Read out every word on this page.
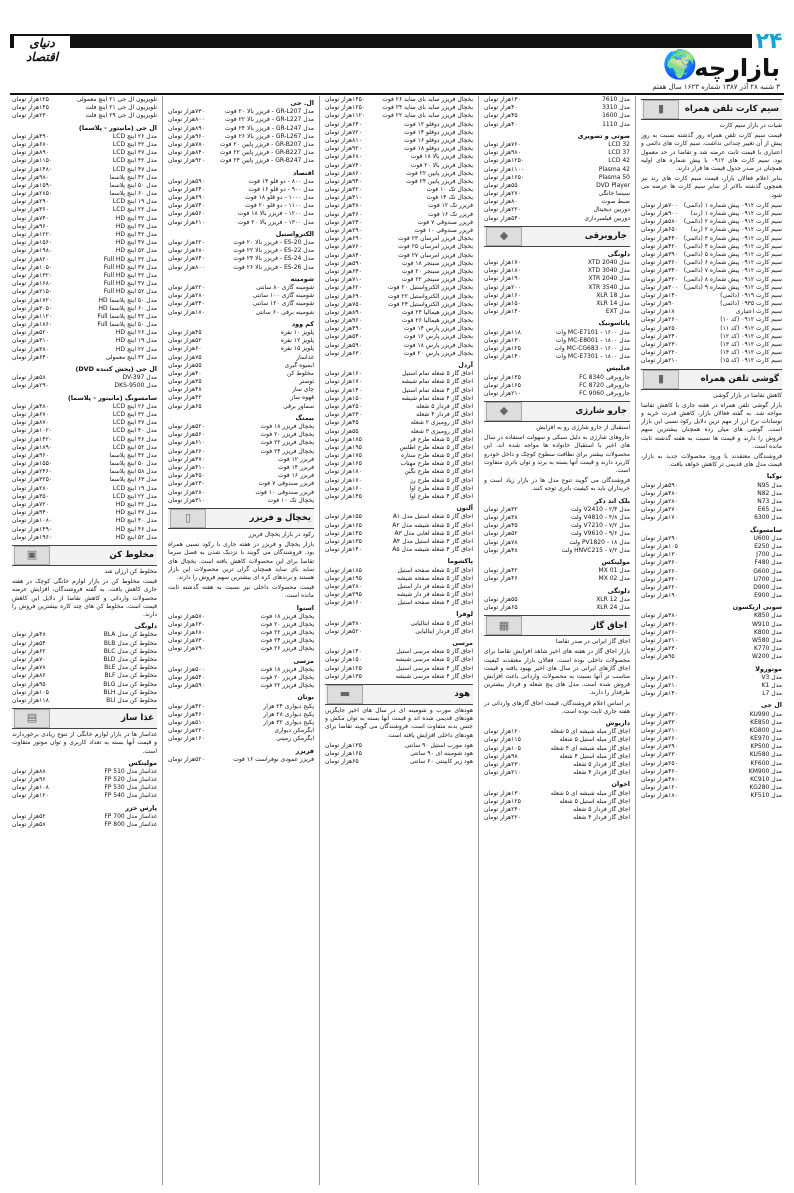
۲۴
دنیای اقتصاد	🌍
بازارچه
۳ شنبه ۲۸ آذر ۱۳۸۷ شماره ۱۶۲۳ سال هفتم
سیم کارت تلفن همراه
▮
شیات در بازار سیم کارت
قیمت سیم کارت تلفن همراه روز گذشته نسبت به روز پیش از آن تغییر چندانی نداشت. سیم کارت های دائمی و اعتباری با قیمت ثابت عرضه شد و تقاضا در حد معمول بود. سیم کارت های ۰۹۱۲ با پیش شماره های اولیه همچنان در صدر جدول قیمت ها قرار دارند.
بنابر اعلام فعالان بازار، قیمت سیم کارت های رند نیز همچون گذشته بالاتر از سایر سیم کارت ها عرضه می شود.
سیم کارت ۰۹۱۲ پیش شماره ۱ (دائمی)
۷۰۰هزار تومان
سیم کارت ۰۹۱۲ پیش شماره ۱ (رند)
۹۰۰هزار تومان
سیم کارت ۰۹۱۲ پیش شماره ۲ (دائمی)
۵۸۰هزار تومان
سیم کارت ۰۹۱۲ پیش شماره ۲ (رند)
۶۵۰هزار تومان
سیم کارت ۰۹۱۲ پیش شماره ۳ (دائمی)
۴۴۰هزار تومان
سیم کارت ۰۹۱۲ پیش شماره ۴ (دائمی)
۴۲۰هزار تومان
سیم کارت ۰۹۱۲ پیش شماره ۵ (دائمی)
۳۹۰هزار تومان
سیم کارت ۰۹۱۲ پیش شماره ۶ (دائمی)
۳۶۰هزار تومان
سیم کارت ۰۹۱۲ پیش شماره ۷ (دائمی)
۳۴۰هزار تومان
سیم کارت ۰۹۱۲ پیش شماره ۸ (دائمی)
۳۲۰هزار تومان
سیم کارت ۰۹۱۲ پیش شماره ۹ (دائمی)
۳۰۰هزار تومان
سیم کارت ۰۹۱۹ (دائمی)
۱۴۰هزار تومان
سیم کارت ۰۹۳۵ (دائمی)
۹۰هزار تومان
سیم کارت اعتباری
۱۸هزار تومان
سیم کارت ۰۹۱۲ (کد ۱۰)
۲۶۰هزار تومان
سیم کارت ۰۹۱۲ (کد ۱۱)
۲۵۰هزار تومان
سیم کارت ۰۹۱۲ (کد ۱۲)
۲۴۰هزار تومان
سیم کارت ۰۹۱۲ (کد ۱۳)
۲۳۰هزار تومان
سیم کارت ۰۹۱۲ (کد ۱۴)
۲۲۰هزار تومان
سیم کارت ۰۹۱۲ (کد ۱۵)
۲۱۰هزار تومان
گوشی تلفن همراه
▮
کاهش تقاضا در بازار گوشی
بازار گوشی تلفن همراه در هفته جاری با کاهش تقاضا مواجه شد. به گفته فعالان بازار، کاهش قدرت خرید و نوسانات نرخ ارز از مهم ترین دلایل رکود نسبی این بازار است. گوشی های میان رده همچنان بیشترین سهم فروش را دارند و قیمت ها نسبت به هفته گذشته ثابت مانده است.
فروشندگان معتقدند با ورود محصولات جدید به بازار، قیمت مدل های قدیمی تر کاهش خواهد یافت.
نوکیا
مدل N95
۵۹۰هزار تومان
مدل N82
۴۸۰هزار تومان
مدل N73
۲۸۰هزار تومان
مدل E65
۲۷۰هزار تومان
مدل 6300
۱۷۰هزار تومان
سامسونگ
مدل U600
۲۹۰هزار تومان
مدل E250
۱۰۵هزار تومان
مدل J700
۱۳۰هزار تومان
مدل F480
۳۶۰هزار تومان
مدل G600
۲۶۰هزار تومان
مدل U700
۳۲۰هزار تومان
مدل D900
۲۲۰هزار تومان
مدل E900
۱۹۰هزار تومان
سونی اریکسون
مدل K850
۳۸۰هزار تومان
مدل W910
۳۶۰هزار تومان
مدل K800
۲۶۰هزار تومان
مدل W580
۲۱۰هزار تومان
مدل K770
۲۳۰هزار تومان
مدل W200
۹۵هزار تومان
موتورولا
مدل V3
۱۲۰هزار تومان
مدل K1
۲۱۰هزار تومان
مدل L7
۱۴۰هزار تومان
ال جی
مدل KU990
۴۲۰هزار تومان
مدل KE850
۳۳۰هزار تومان
مدل KG800
۲۱۰هزار تومان
مدل KE970
۲۶۰هزار تومان
مدل KP500
۲۹۰هزار تومان
مدل KU580
۲۳۰هزار تومان
مدل KF600
۲۵۰هزار تومان
مدل KM900
۴۶۰هزار تومان
مدل KC910
۴۸۰هزار تومان
مدل KG280
۱۲۰هزار تومان
مدل KF510
۱۸۰هزار تومان
مدل 7610
۱۳۰هزار تومان
مدل 3310
۴۰هزار تومان
مدل 1600
۴۵هزار تومان
مدل 1110
۴۰هزار تومان
صوتی و تصویری
LCD 32
۷۶۰هزار تومان
LCD 37
۹۸۰هزار تومان
LCD 42
۱۲۵۰هزار تومان
Plasma 42
۱۱۰۰هزار تومان
Plasma 50
۱۶۵۰هزار تومان
DVD Player
۵۵هزار تومان
سینما خانگی
۲۷۰هزار تومان
ضبط صوت
۸۰هزار تومان
دوربین دیجیتال
۲۲۰هزار تومان
دوربین فیلمبرداری
۵۴۰هزار تومان
جاروبرقی
◆
دلونگی
مدل XTD 2040
۱۷۰هزار تومان
مدل XTD 3040
۱۸۰هزار تومان
مدل XTR 2040
۱۹۰هزار تومان
مدل XTR 3540
۲۰۰هزار تومان
مدل XLR 18
۱۶۰هزار تومان
مدل XLR 14
۱۵۰هزار تومان
مدل EXT
۱۴۰هزار تومان
پاناسونیک
مدل MC-E7101 - ۱۶۰۰ وات
۱۱۸هزار تومان
مدل MC-E8001 - ۱۸۰۰ وات
۱۳۰هزار تومان
مدل MC-CG683 - ۱۶۰۰ وات
۱۲۵هزار تومان
مدل MC-E7301 - ۱۸۰۰ وات
۱۴۰هزار تومان
فیلیپس
جاروبرقی FC 8340
۱۳۵هزار تومان
جاروبرقی FC 8720
۱۶۵هزار تومان
جاروبرقی FC 9060
۲۱۰هزار تومان
جارو شارژی
◆
استقبال از جارو شارژی رو به افزایش
جاروهای شارژی به دلیل سبکی و سهولت استفاده در سال های اخیر با استقبال خانواده ها مواجه شده اند. این محصولات بیشتر برای نظافت سطوح کوچک و داخل خودرو کاربرد دارند و قیمت آنها بسته به برند و توان باتری متفاوت است.
فروشندگان می گویند تنوع مدل ها در بازار زیاد است و خریداران باید به کیفیت باتری توجه کنند.
بلک اند دکر
مدل V2410 - ۲/۴ ولت
۳۲هزار تومان
مدل V4810 - ۴/۸ ولت
۳۸هزار تومان
مدل V7210 - ۷/۲ ولت
۴۵هزار تومان
مدل V9610 - ۹/۶ ولت
۵۲هزار تومان
مدل PV1820 - ۱۸ ولت
۷۸هزار تومان
مدل HNVC215 - ۷/۲ ولت
۴۸هزار تومان
مولینکس
مدل MX 01
۴۲هزار تومان
مدل MX 02
۴۶هزار تومان
دلونگی
مدل XLR 12
۵۵هزار تومان
مدل XLR 24
۶۵هزار تومان
اجاق گاز
▦
اجاق گاز ایرانی در صدر تقاضا
بازار اجاق گاز در هفته های اخیر شاهد افزایش تقاضا برای محصولات داخلی بوده است. فعالان بازار معتقدند کیفیت اجاق گازهای ایرانی در سال های اخیر بهبود یافته و قیمت مناسب تر آنها نسبت به محصولات وارداتی باعث افزایش فروش شده است. مدل های پنج شعله و فردار بیشترین طرفدار را دارند.
بر اساس اعلام فروشندگان، قیمت اجاق گازهای وارداتی در هفته جاری ثابت بوده است.
داریوش
اجاق گاز مبله شیشه ای ۵ شعله
۱۲۰هزار تومان
اجاق گاز مبله استیل ۵ شعله
۱۱۵هزار تومان
اجاق گاز مبله شیشه ای ۴ شعله
۱۰۵هزار تومان
اجاق گاز مبله استیل ۴ شعله
۹۸هزار تومان
اجاق گاز فردار ۵ شعله
۲۳۰هزار تومان
اجاق گاز فردار ۴ شعله
۲۱۰هزار تومان
اخوان
اجاق گاز مبله شیشه ای ۵ شعله
۱۳۰هزار تومان
اجاق گاز مبله استیل ۵ شعله
۱۲۵هزار تومان
اجاق گاز فردار ۵ شعله
۲۴۰هزار تومان
اجاق گاز فردار ۴ شعله
۲۲۰هزار تومان
یخچال فریزر ساید بای ساید ۲۶ فوت
۱۴۵۰هزار تومان
یخچال فریزر ساید بای ساید ۲۴ فوت
۱۲۵۰هزار تومان
یخچال فریزر ساید بای ساید ۲۲ فوت
۱۱۲۰هزار تومان
یخچال فریزر دوقلو ۱۲ فوت
۶۴۰هزار تومان
یخچال فریزر دوقلو ۱۴ فوت
۷۲۰هزار تومان
یخچال فریزر دوقلو ۱۶ فوت
۸۱۰هزار تومان
یخچال فریزر دوقلو ۱۸ فوت
۹۲۰هزار تومان
یخچال فریزر بالا ۱۸ فوت
۶۸۰هزار تومان
یخچال فریزر بالا ۲۰ فوت
۷۴۰هزار تومان
یخچال فریزر پایین ۲۲ فوت
۸۶۰هزار تومان
یخچال فریزر پایین ۲۴ فوت
۹۴۰هزار تومان
یخچال تک ۱۰ فوت
۳۲۰هزار تومان
یخچال تک ۱۴ فوت
۴۱۰هزار تومان
فریزر تک ۱۲ فوت
۳۸۰هزار تومان
فریزر تک ۱۶ فوت
۴۶۰هزار تومان
فریزر صندوقی ۷ فوت
۲۴۰هزار تومان
فریزر صندوقی ۱۰ فوت
۲۹۰هزار تومان
یخچال فریزر امرسان ۲۳ فوت
۶۹۰هزار تومان
یخچال فریزر امرسان ۲۵ فوت
۷۶۰هزار تومان
یخچال فریزر امرسان ۲۷ فوت
۸۴۰هزار تومان
یخچال فریزر سینجر ۱۸ فوت
۵۹۰هزار تومان
یخچال فریزر سینجر ۲۰ فوت
۶۴۰هزار تومان
یخچال فریزر سینجر ۲۲ فوت
۷۱۰هزار تومان
یخچال فریزر الکترواستیل ۲۰ فوت
۶۲۰هزار تومان
یخچال فریزر الکترواستیل ۲۲ فوت
۶۹۰هزار تومان
یخچال فریزر الکترواستیل ۲۴ فوت
۷۵۰هزار تومان
یخچال فریزر هیمالیا ۲۴ فوت
۸۹۰هزار تومان
یخچال فریزر هیمالیا ۲۶ فوت
۹۶۰هزار تومان
یخچال فریزر پارس ۱۴ فوت
۴۹۰هزار تومان
یخچال فریزر پارس ۱۶ فوت
۵۴۰هزار تومان
یخچال فریزر پارس ۱۸ فوت
۵۹۰هزار تومان
یخچال فریزر پارس ۲۰ فوت
۶۳۰هزار تومان
آردل
اجاق گاز ۵ شعله تمام استیل
۱۶۰هزار تومان
اجاق گاز ۵ شعله تمام شیشه
۱۷۰هزار تومان
اجاق گاز ۴ شعله تمام استیل
۱۴۰هزار تومان
اجاق گاز ۴ شعله تمام شیشه
۱۵۰هزار تومان
اجاق گاز فردار ۵ شعله
۲۵۰هزار تومان
اجاق گاز فردار ۴ شعله
۲۳۰هزار تومان
اجاق گاز رومیزی ۲ شعله
۴۵هزار تومان
اجاق گاز رومیزی ۳ شعله
۵۵هزار تومان
اجاق گاز ۵ شعله طرح فر
۱۸۵هزار تومان
اجاق گاز ۵ شعله طرح اطلس
۱۹۵هزار تومان
اجاق گاز ۵ شعله طرح ستاره
۱۷۵هزار تومان
اجاق گاز ۵ شعله طرح مهتاب
۱۶۵هزار تومان
اجاق گاز ۵ شعله طرح نگین
۱۸۰هزار تومان
اجاق گاز ۵ شعله طرح رز
۱۷۰هزار تومان
اجاق گاز ۵ شعله طرح آوا
۱۶۰هزار تومان
اجاق گاز ۴ شعله طرح آوا
۱۴۵هزار تومان
آلتون
اجاق گاز ۵ شعله استیل مدل A۱
۱۵۵هزار تومان
اجاق گاز ۵ شعله شیشه مدل A۲
۱۶۵هزار تومان
اجاق گاز ۵ شعله لعابی مدل A۳
۱۴۵هزار تومان
اجاق گاز ۴ شعله استیل مدل A۴
۱۳۵هزار تومان
اجاق گاز ۴ شعله شیشه مدل A۵
۱۴۰هزار تومان
پاکشوما
اجاق گاز ۵ شعله صفحه استیل
۱۸۵هزار تومان
اجاق گاز ۵ شعله صفحه شیشه
۱۹۵هزار تومان
اجاق گاز ۵ شعله فر دار استیل
۲۸۰هزار تومان
اجاق گاز ۵ شعله فر دار شیشه
۲۹۵هزار تومان
اجاق گاز ۴ شعله صفحه استیل
۱۶۰هزار تومان
لوفرا
اجاق گاز ۵ شعله ایتالیایی
۳۸۰هزار تومان
اجاق گاز فردار ایتالیایی
۵۲۰هزار تومان
مرسی
اجاق گاز ۵ شعله مرسی استیل
۱۴۰هزار تومان
اجاق گاز ۵ شعله مرسی شیشه
۱۵۰هزار تومان
اجاق گاز ۴ شعله مرسی استیل
۱۲۵هزار تومان
اجاق گاز ۴ شعله مرسی شیشه
۱۳۵هزار تومان
هود
▬
هودهای مورب و شومینه ای در سال های اخیر جایگزین هودهای قدیمی شده اند و قیمت آنها بسته به توان مکش و جنس بدنه متفاوت است. فروشندگان می گویند تقاضا برای هودهای داخلی افزایش یافته است.
هود مورب استیل ۹۰ سانتی
۱۳۵هزار تومان
هود شومینه ای ۹۰ سانتی
۱۶۵هزار تومان
هود زیر کابینتی ۶۰ سانتی
۶۵هزار تومان
ال. جی
مدل GR-L207 - فریزر بالا ۲۰ فوت
۷۳۰هزار تومان
مدل GR-L227 - فریزر بالا ۲۲ فوت
۸۰۰هزار تومان
مدل GR-L247 - فریزر بالا ۲۴ فوت
۸۹۰هزار تومان
مدل GR-L267 - فریزر بالا ۲۶ فوت
۹۶۰هزار تومان
مدل GR-B207 - فریزر پایین ۲۰ فوت
۷۸۰هزار تومان
مدل GR-B227 - فریزر پایین ۲۲ فوت
۸۴۰هزار تومان
مدل GR-B247 - فریزر پایین ۲۴ فوت
۹۲۰هزار تومان
اقتصاد
مدل ۸۰۰ - دو قلو ۱۴ فوت
۵۹۰هزار تومان
مدل ۹۰۰ - دو قلو ۱۶ فوت
۶۴۰هزار تومان
مدل ۱۰۰۰ - دو قلو ۱۸ فوت
۶۹۰هزار تومان
مدل ۱۱۰۰ - دو قلو ۲۰ فوت
۷۴۰هزار تومان
مدل ۱۲۰۰ - فریزر بالا ۱۸ فوت
۵۶۰هزار تومان
مدل ۱۳۰۰ - فریزر بالا ۲۰ فوت
۶۱۰هزار تومان
الکترواستیل
مدل ES-20 - فریزر بالا ۲۰ فوت
۶۲۰هزار تومان
مدل ES-22 - فریزر بالا ۲۲ فوت
۶۸۰هزار تومان
مدل ES-24 - فریزر بالا ۲۴ فوت
۷۴۰هزار تومان
مدل ES-26 - فریزر بالا ۲۶ فوت
۸۰۰هزار تومان
شومینه
شومینه گازی ۸۰ سانتی
۲۲۰هزار تومان
شومینه گازی ۱۰۰ سانتی
۲۸۰هزار تومان
شومینه گازی ۱۲۰ سانتی
۳۴۰هزار تومان
شومینه برقی ۶۰ سانتی
۱۸۰هزار تومان
کم وود
پلوپز ۱۰ نفره
۴۵هزار تومان
پلوپز ۱۲ نفره
۵۲هزار تومان
پلوپز ۱۵ نفره
۶۰هزار تومان
غذاساز
۷۵هزار تومان
آبمیوه گیری
۵۵هزار تومان
مخلوط کن
۴۰هزار تومان
توستر
۳۵هزار تومان
چای ساز
۴۸هزار تومان
قهوه ساز
۴۲هزار تومان
سماور برقی
۶۵هزار تومان
بیمنگ
یخچال فریزر ۱۸ فوت
۵۲۰هزار تومان
یخچال فریزر ۲۰ فوت
۵۶۰هزار تومان
یخچال فریزر ۲۲ فوت
۶۱۰هزار تومان
یخچال فریزر ۲۴ فوت
۶۶۰هزار تومان
فریزر ۱۲ فوت
۳۷۰هزار تومان
فریزر ۱۴ فوت
۴۱۰هزار تومان
فریزر ۱۶ فوت
۴۵۰هزار تومان
فریزر صندوقی ۷ فوت
۲۳۰هزار تومان
فریزر صندوقی ۱۰ فوت
۲۸۰هزار تومان
یخچال تک ۱۰ فوت
۳۱۰هزار تومان
یخچال و فریزر
▯
رکود در بازار یخچال فریزر
بازار یخچال و فریزر در هفته جاری با رکود نسبی همراه بود. فروشندگان می گویند با نزدیک شدن به فصل سرما تقاضا برای این محصولات کاهش یافته است. یخچال های ساید بای ساید همچنان گران ترین محصولات این بازار هستند و برندهای کره ای بیشترین سهم فروش را دارند.
قیمت محصولات داخلی نیز نسبت به هفته گذشته ثابت مانده است.
اسنوا
یخچال فریزر ۱۸ فوت
۵۸۰هزار تومان
یخچال فریزر ۲۰ فوت
۶۳۰هزار تومان
یخچال فریزر ۲۲ فوت
۶۸۰هزار تومان
یخچال فریزر ۲۴ فوت
۷۳۰هزار تومان
یخچال فریزر ۲۶ فوت
۷۹۰هزار تومان
مرسی
یخچال فریزر ۱۸ فوت
۵۰۰هزار تومان
یخچال فریزر ۲۰ فوت
۵۴۰هزار تومان
یخچال فریزر ۲۲ فوت
۵۹۰هزار تومان
بوتان
پکیج دیواری ۲۴ هزار
۴۲۰هزار تومان
پکیج دیواری ۲۸ هزار
۴۶۰هزار تومان
پکیج دیواری ۳۲ هزار
۵۱۰هزار تومان
آبگرمکن دیواری
۲۲۰هزار تومان
آبگرمکن زمینی
۱۶۰هزار تومان
فریزر
فریزر عمودی نوفراست ۱۶ فوت
۵۲۰هزار تومان
تلویزیون ال جی ۲۱ اینچ معمولی
۱۲۵هزار تومان
تلویزیون ال جی ۲۱ اینچ فلت
۱۴۵هزار تومان
تلویزیون ال جی ۲۹ اینچ فلت
۲۳۰هزار تومان
ال جی (مانیتور - پلاسما)
مدل ۲۶ اینچ LCD
۴۹۰هزار تومان
مدل ۳۲ اینچ LCD
۶۸۰هزار تومان
مدل ۳۷ اینچ LCD
۸۹۰هزار تومان
مدل ۴۲ اینچ LCD
۱۱۵۰هزار تومان
مدل ۴۷ اینچ LCD
۱۴۸۰هزار تومان
مدل ۴۲ اینچ پلاسما
۹۸۰هزار تومان
مدل ۵۰ اینچ پلاسما
۱۵۹۰هزار تومان
مدل ۶۰ اینچ پلاسما
۲۸۵۰هزار تومان
مدل ۱۹ اینچ LCD
۲۹۰هزار تومان
مدل ۲۲ اینچ LCD
۳۶۰هزار تومان
مدل ۳۲ اینچ HD
۷۴۰هزار تومان
مدل ۳۷ اینچ HD
۹۶۰هزار تومان
مدل ۴۲ اینچ HD
۱۲۲۰هزار تومان
مدل ۴۷ اینچ HD
۱۵۶۰هزار تومان
مدل ۵۲ اینچ HD
۱۹۸۰هزار تومان
مدل ۳۲ اینچ Full HD
۸۲۰هزار تومان
مدل ۳۷ اینچ Full HD
۱۰۵۰هزار تومان
مدل ۴۲ اینچ Full HD
۱۳۲۰هزار تومان
مدل ۴۷ اینچ Full HD
۱۶۸۰هزار تومان
مدل ۵۲ اینچ Full HD
۲۱۵۰هزار تومان
مدل ۵۰ اینچ پلاسما HD
۱۷۲۰هزار تومان
مدل ۶۰ اینچ پلاسما HD
۳۰۵۰هزار تومان
مدل ۴۲ اینچ پلاسما Full
۱۱۲۰هزار تومان
مدل ۵۰ اینچ پلاسما Full
۱۸۶۰هزار تومان
مدل ۲۶ اینچ HD
۵۲۰هزار تومان
مدل ۱۹ اینچ HD
۳۱۰هزار تومان
مدل ۲۲ اینچ HD
۳۸۰هزار تومان
مدل ۳۲ اینچ معمولی
۶۴۰هزار تومان
ال جی (پخش کننده DVD)
مدل DV-397
۵۸هزار تومان
مدل DKS-9500
۲۹۰هزار تومان
سامسونگ (مانیتور - پلاسما)
مدل ۲۶ اینچ LCD
۴۸۰هزار تومان
مدل ۳۲ اینچ LCD
۶۷۰هزار تومان
مدل ۳۷ اینچ LCD
۸۷۰هزار تومان
مدل ۴۰ اینچ LCD
۱۰۲۰هزار تومان
مدل ۴۶ اینچ LCD
۱۴۲۰هزار تومان
مدل ۵۲ اینچ LCD
۱۸۹۰هزار تومان
مدل ۴۲ اینچ پلاسما
۹۶۰هزار تومان
مدل ۵۰ اینچ پلاسما
۱۵۵۰هزار تومان
مدل ۵۸ اینچ پلاسما
۲۴۶۰هزار تومان
مدل ۶۳ اینچ پلاسما
۳۲۵۰هزار تومان
مدل ۱۹ اینچ LCD
۲۸۰هزار تومان
مدل ۲۲ اینچ LCD
۳۵۰هزار تومان
مدل ۳۲ اینچ HD
۷۲۰هزار تومان
مدل ۳۷ اینچ HD
۹۴۰هزار تومان
مدل ۴۰ اینچ HD
۱۰۸۰هزار تومان
مدل ۴۶ اینچ HD
۱۴۹۰هزار تومان
مدل ۵۲ اینچ HD
۱۹۶۰هزار تومان
مخلوط کن
▣
مخلوط کن ارزان شد
قیمت مخلوط کن در بازار لوازم خانگی کوچک در هفته جاری کاهش یافت. به گفته فروشندگان، افزایش عرضه محصولات وارداتی و کاهش تقاضا از دلایل این کاهش قیمت است. مخلوط کن های چند کاره بیشترین فروش را دارند.
دلونگی
مخلوط کن مدل BLA
۴۸هزار تومان
مخلوط کن مدل BLB
۵۴هزار تومان
مخلوط کن مدل BLC
۶۲هزار تومان
مخلوط کن مدل BLD
۷۰هزار تومان
مخلوط کن مدل BLE
۷۸هزار تومان
مخلوط کن مدل BLF
۸۶هزار تومان
مخلوط کن مدل BLG
۹۵هزار تومان
مخلوط کن مدل BLH
۱۰۵هزار تومان
مخلوط کن مدل BLI
۱۱۸هزار تومان
غذا ساز
▤
غذاساز ها در بازار لوازم خانگی از تنوع زیادی برخوردارند و قیمت آنها بسته به تعداد کاربری و توان موتور متفاوت است.
مولینکس
غذاساز مدل FP 510
۸۸هزار تومان
غذاساز مدل FP 520
۹۶هزار تومان
غذاساز مدل FP 530
۱۰۸هزار تومان
غذاساز مدل FP 540
۱۲۰هزار تومان
پارس خزر
غذاساز مدل FP 700
۵۲هزار تومان
غذاساز مدل FP 800
۵۸هزار تومان
